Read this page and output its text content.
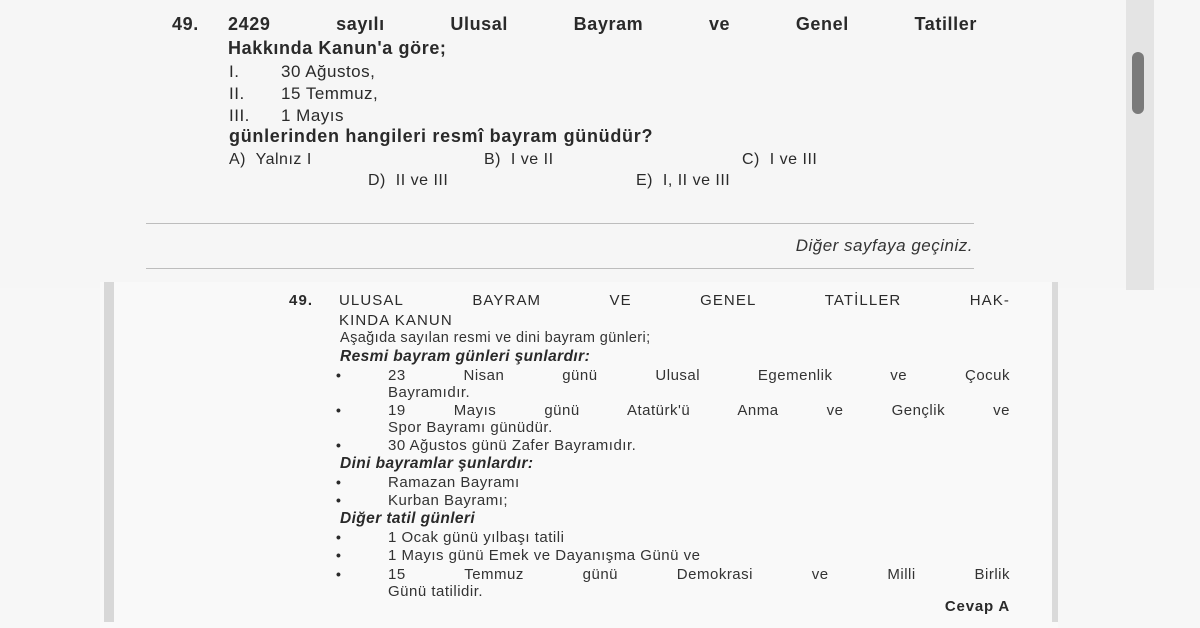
49. 2429	sayılı	Ulusal	Bayram	ve	Genel	Tatiller
Hakkında Kanun'a göre;
I. 30 Ağustos,
II. 15 Temmuz,
III. 1 Mayıs
günlerinden hangileri resmî bayram günüdür?
A) Yalnız I	B) I ve II	C) I ve III
D) II ve III	E) I, II ve III
Diğer sayfaya geçiniz.
49. ULUSAL	BAYRAM	VE	GENEL	TATİLLER	HAK-
KINDA KANUN
Aşağıda sayılan resmi ve dini bayram günleri;
Resmi bayram günleri şunlardır:
•	23 Nisan günü Ulusal Egemenlik ve Çocuk
Bayramıdır.
•	19 Mayıs günü Atatürk'ü Anma ve Gençlik ve
Spor Bayramı günüdür.
•	30 Ağustos günü Zafer Bayramıdır.
Dini bayramlar şunlardır:
•	Ramazan Bayramı
•	Kurban Bayramı;
Diğer tatil günleri
•	1 Ocak günü yılbaşı tatili
•	1 Mayıs günü Emek ve Dayanışma Günü ve
•	15 Temmuz günü Demokrasi ve Milli Birlik
Günü tatilidir.
Cevap A
